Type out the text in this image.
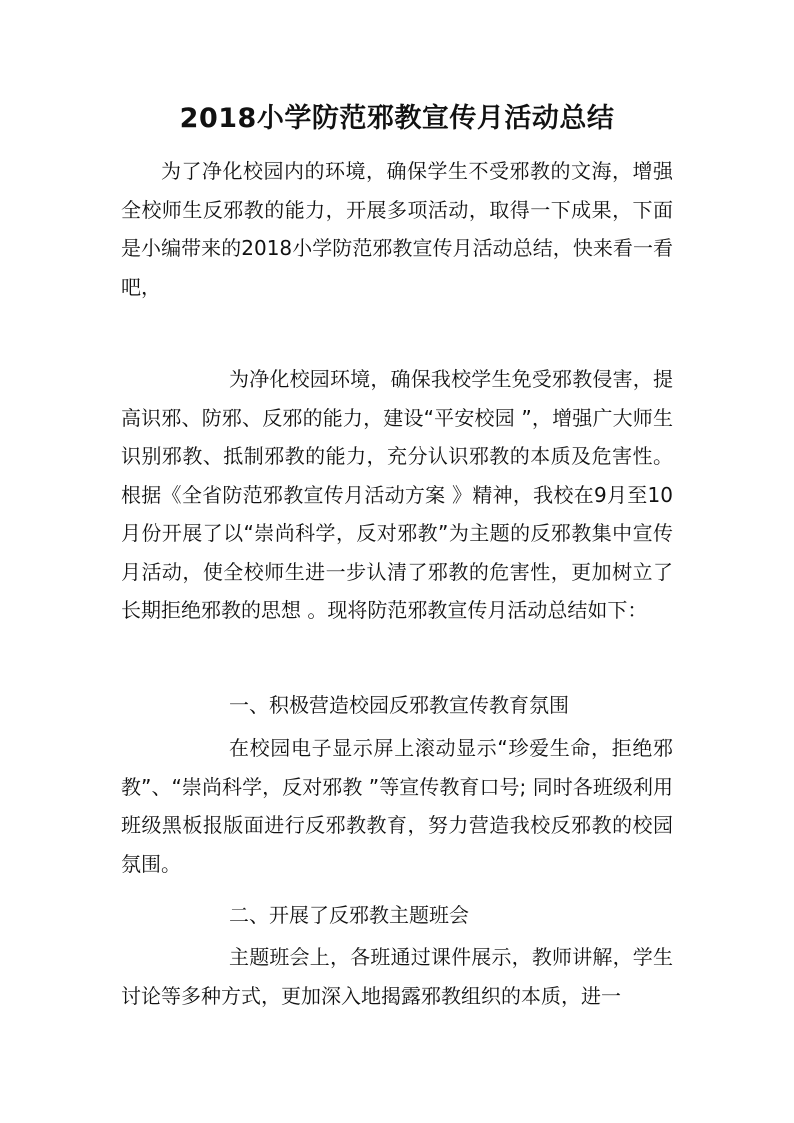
2018小学防范邪教宣传月活动总结

为了净化校园内的环境，确保学生不受邪教的文海，增强全校师生反邪教的能力，开展多项活动，取得一下成果，下面是小编带来的2018小学防范邪教宣传月活动总结，快来看一看吧，

为净化校园环境，确保我校学生免受邪教侵害，提高识邪、防邪、反邪的能力，建设“平安校园 ”，增强广大师生识别邪教、抵制邪教的能力，充分认识邪教的本质及危害性。根据《全省防范邪教宣传月活动方案 》精神，我校在9月至10月份开展了以“崇尚科学，反对邪教”为主题的反邪教集中宣传月活动，使全校师生进一步认清了邪教的危害性，更加树立了长期拒绝邪教的思想 。现将防范邪教宣传月活动总结如下：

一、积极营造校园反邪教宣传教育氛围

在校园电子显示屏上滚动显示“珍爱生命，拒绝邪教”、“崇尚科学，反对邪教 ”等宣传教育口号; 同时各班级利用班级黑板报版面进行反邪教教育，努力营造我校反邪教的校园氛围。

二、开展了反邪教主题班会

主题班会上，各班通过课件展示，教师讲解，学生讨论等多种方式，更加深入地揭露邪教组织的本质，进一
